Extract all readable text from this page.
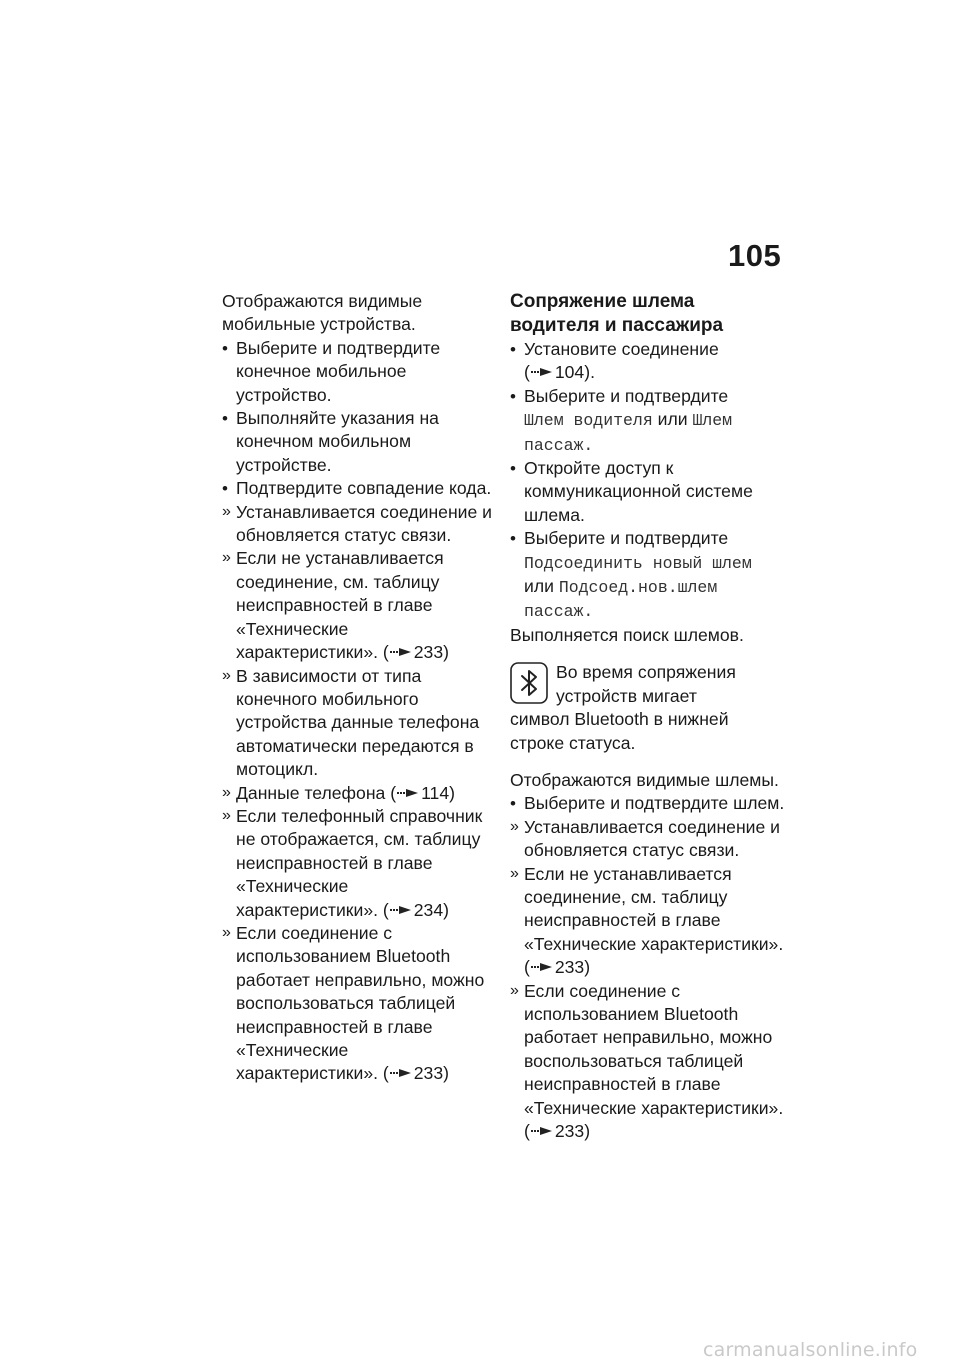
105

Отображаются видимые мобильные устройства.

• Выберите и подтвердите конечное мобильное устройство.
• Выполняйте указания на конечном мобильном устройстве.
• Подтвердите совпадение кода.
» Устанавливается соединение и обновляется статус связи.
» Если не устанавливается соединение, см. таблицу неисправностей в главе «Технические характеристики». ( 233)
» В зависимости от типа конечного мобильного устройства данные телефона автоматически передаются в мотоцикл.
» Данные телефона ( 114)
» Если телефонный справочник не отображается, см. таблицу неисправностей в главе «Технические характеристики». ( 234)
» Если соединение с использованием Bluetooth работает неправильно, можно воспользоваться таблицей неисправностей в главе «Технические характеристики». ( 233)
Сопряжение шлема водителя и пассажира
• Установите соединение
( 104).
• Выберите и подтвердите
Шлем водителя или Шлем пассаж.
• Откройте доступ к коммуникационной системе шлема.
• Выберите и подтвердите
Подсоединить новый шлем
или Подсоед.нов.шлем пассаж.

Выполняется поиск шлемов.

Во время сопряжения устройств мигает

символ Bluetooth в нижней строке статуса.

Отображаются видимые шлемы.

• Выберите и подтвердите шлем.
» Устанавливается соединение и обновляется статус связи.
» Если не устанавливается соединение, см. таблицу неисправностей в главе «Технические характеристики». ( 233)
» Если соединение с использованием Bluetooth работает неправильно, можно воспользоваться таблицей неисправностей в главе «Технические характеристики». ( 233)
carmanualsonline.info
